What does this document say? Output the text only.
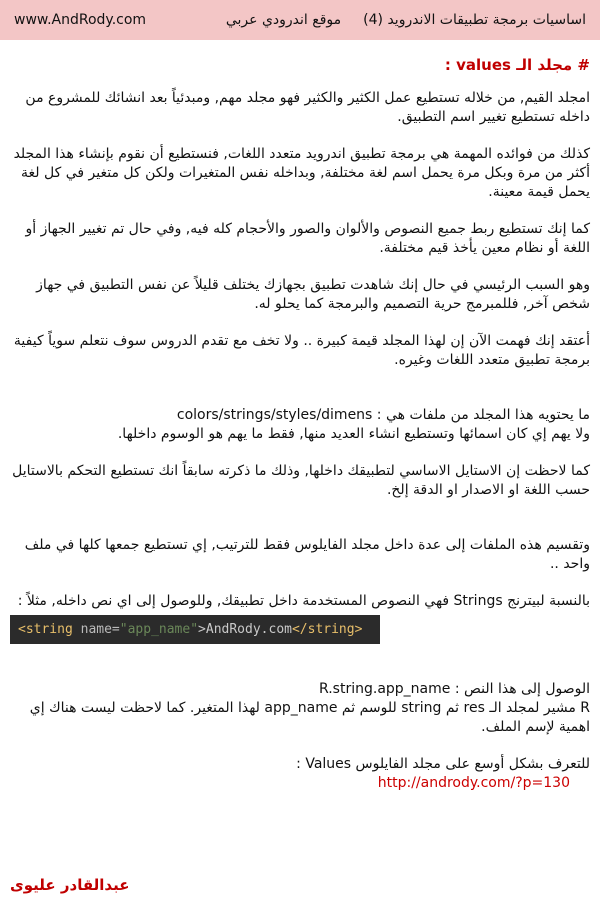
www.AndRody.com	اساسيات برمجة تطبيقات الاندرويد (4)
موقع اندرودي عربي
# مجلد الـ values :

امجلد القيم, من خلاله تستطيع عمل الكثير والكثير فهو مجلد مهم, ومبدئياً بعد انشائك للمشروع من داخله تستطيع تغيير اسم التطبيق.

كذلك من فوائده المهمة هي برمجة تطبيق اندرويد متعدد اللغات, فنستطيع أن نقوم بإنشاء هذا المجلد أكثر من مرة وبكل مرة يحمل اسم لغة مختلفة, وبداخله نفس المتغيرات ولكن كل متغير في كل لغة يحمل قيمة معينة.

كما إنك تستطيع ربط جميع النصوص والألوان والصور والأحجام كله فيه, وفي حال تم تغيير الجهاز أو اللغة أو نظام معين يأخذ قيم مختلفة.

وهو السبب الرئيسي في حال إنك شاهدت تطبيق بجهازك يختلف قليلاً عن نفس التطبيق في جهاز شخص آخر, فللمبرمج حرية التصميم والبرمجة كما يحلو له.

أعتقد إنك فهمت الآن إن لهذا المجلد قيمة كبيرة .. ولا تخف مع تقدم الدروس سوف نتعلم سوياً كيفية برمجة تطبيق متعدد اللغات وغيره.

ما يحتويه هذا المجلد من ملفات هي : colors/strings/styles/dimens

ولا يهم إي كان اسمائها وتستطيع انشاء العديد منها, فقط ما يهم هو الوسوم داخلها.

كما لاحظت إن الاستايل الاساسي لتطبيقك داخلها, وذلك ما ذكرته سابقاً انك تستطيع التحكم بالاستايل حسب اللغة او الاصدار او الدقة إلخ.

وتقسيم هذه الملفات إلى عدة داخل مجلد الفايلوس فقط للترتيب, إي تستطيع جمعها كلها في ملف واحد ..

بالنسبة لبيترنج Strings فهي النصوص المستخدمة داخل تطبيقك, وللوصول إلى اي نص داخله, مثلاً :

<string name="app_name">AndRody.com</string>

الوصول إلى هذا النص : R.string.app_name

R مشير لمجلد الـ res ثم string للوسم ثم app_name لهذا المتغير. كما لاحظت ليست هناك إي اهمية لإسم الملف.

للتعرف بشكل أوسع على مجلد الفايلوس Values :

http://andrody.com/?p=130

عبدالقادر عليوى
